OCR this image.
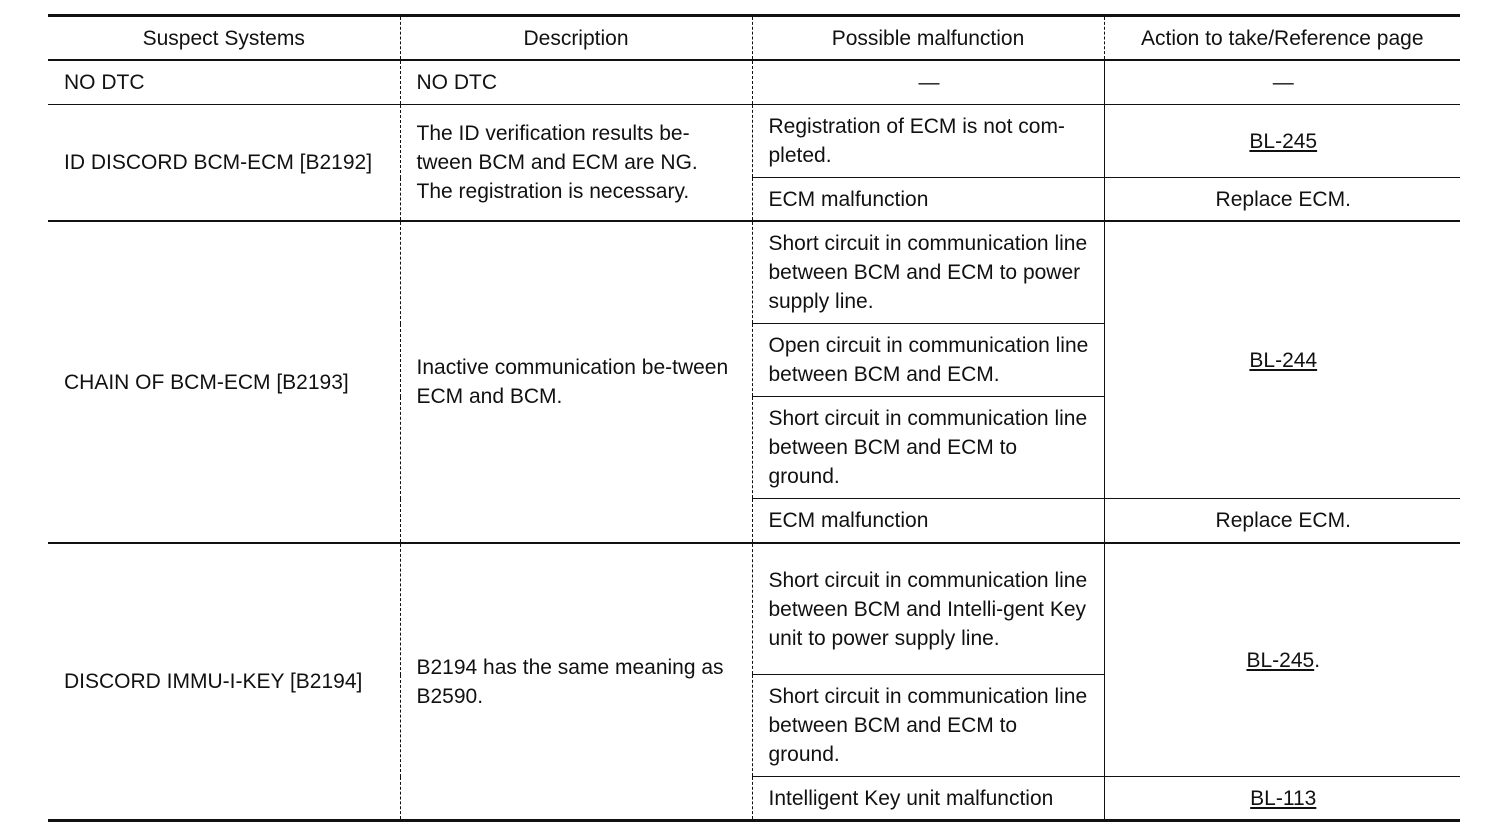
Suspect Systems	Description	Possible malfunction	Action to take/Reference page
NO DTC	NO DTC	—	—
ID DISCORD BCM-ECM [B2192]	The ID verification results be-tween BCM and ECM are NG. The registration is necessary.	Registration of ECM is not com-pleted.	BL-245
		ECM malfunction	Replace ECM.
CHAIN OF BCM-ECM [B2193]	Inactive communication be-tween ECM and BCM.	Short circuit in communication line between BCM and ECM to power supply line.	BL-244
		Open circuit in communication line between BCM and ECM.	
		Short circuit in communication line between BCM and ECM to ground.	
		ECM malfunction	Replace ECM.
DISCORD IMMU-I-KEY [B2194]	B2194 has the same meaning as B2590.	Short circuit in communication line between BCM and Intelli-gent Key unit to power supply line.	BL-245.
		Short circuit in communication line between BCM and ECM to ground.	
		Intelligent Key unit malfunction	BL-113
